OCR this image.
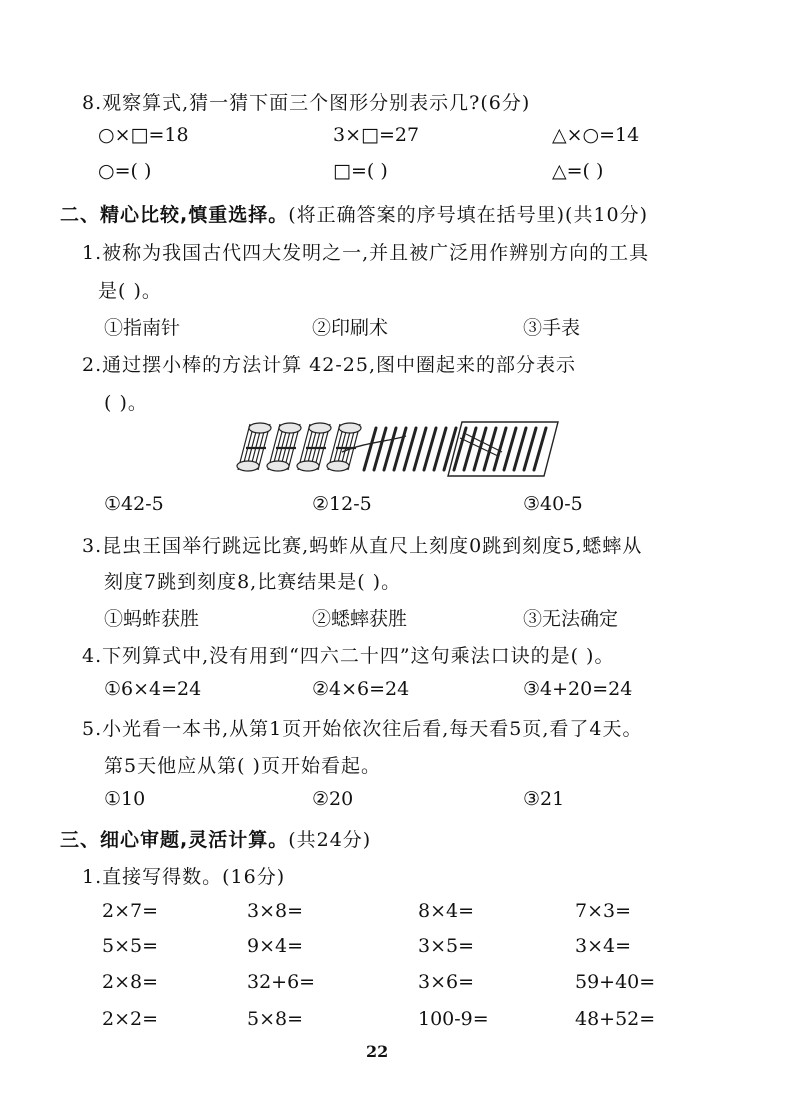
8.观察算式,猜一猜下面三个图形分别表示几?(6分)
○×□=18	3×□=27	△×○=14
○=( )	□=( )	△=( )
二、精心比较,慎重选择。(将正确答案的序号填在括号里)(共10分)
1.被称为我国古代四大发明之一,并且被广泛用作辨别方向的工具
是( )。
①指南针	②印刷术	③手表
2.通过摆小棒的方法计算 42-25,图中圈起来的部分表示
( )。
①42-5	②12-5	③40-5
3.昆虫王国举行跳远比赛,蚂蚱从直尺上刻度0跳到刻度5,蟋蟀从
刻度7跳到刻度8,比赛结果是( )。
①蚂蚱获胜	②蟋蟀获胜	③无法确定
4.下列算式中,没有用到“四六二十四”这句乘法口诀的是( )。
①6×4=24	②4×6=24	③4+20=24
5.小光看一本书,从第1页开始依次往后看,每天看5页,看了4天。
第5天他应从第( )页开始看起。
①10	②20	③21
三、细心审题,灵活计算。(共24分)
1.直接写得数。(16分)
2×7=	3×8=	8×4=	7×3=
5×5=	9×4=	3×5=	3×4=
2×8=	32+6=	3×6=	59+40=
2×2=	5×8=	100-9=	48+52=
22
